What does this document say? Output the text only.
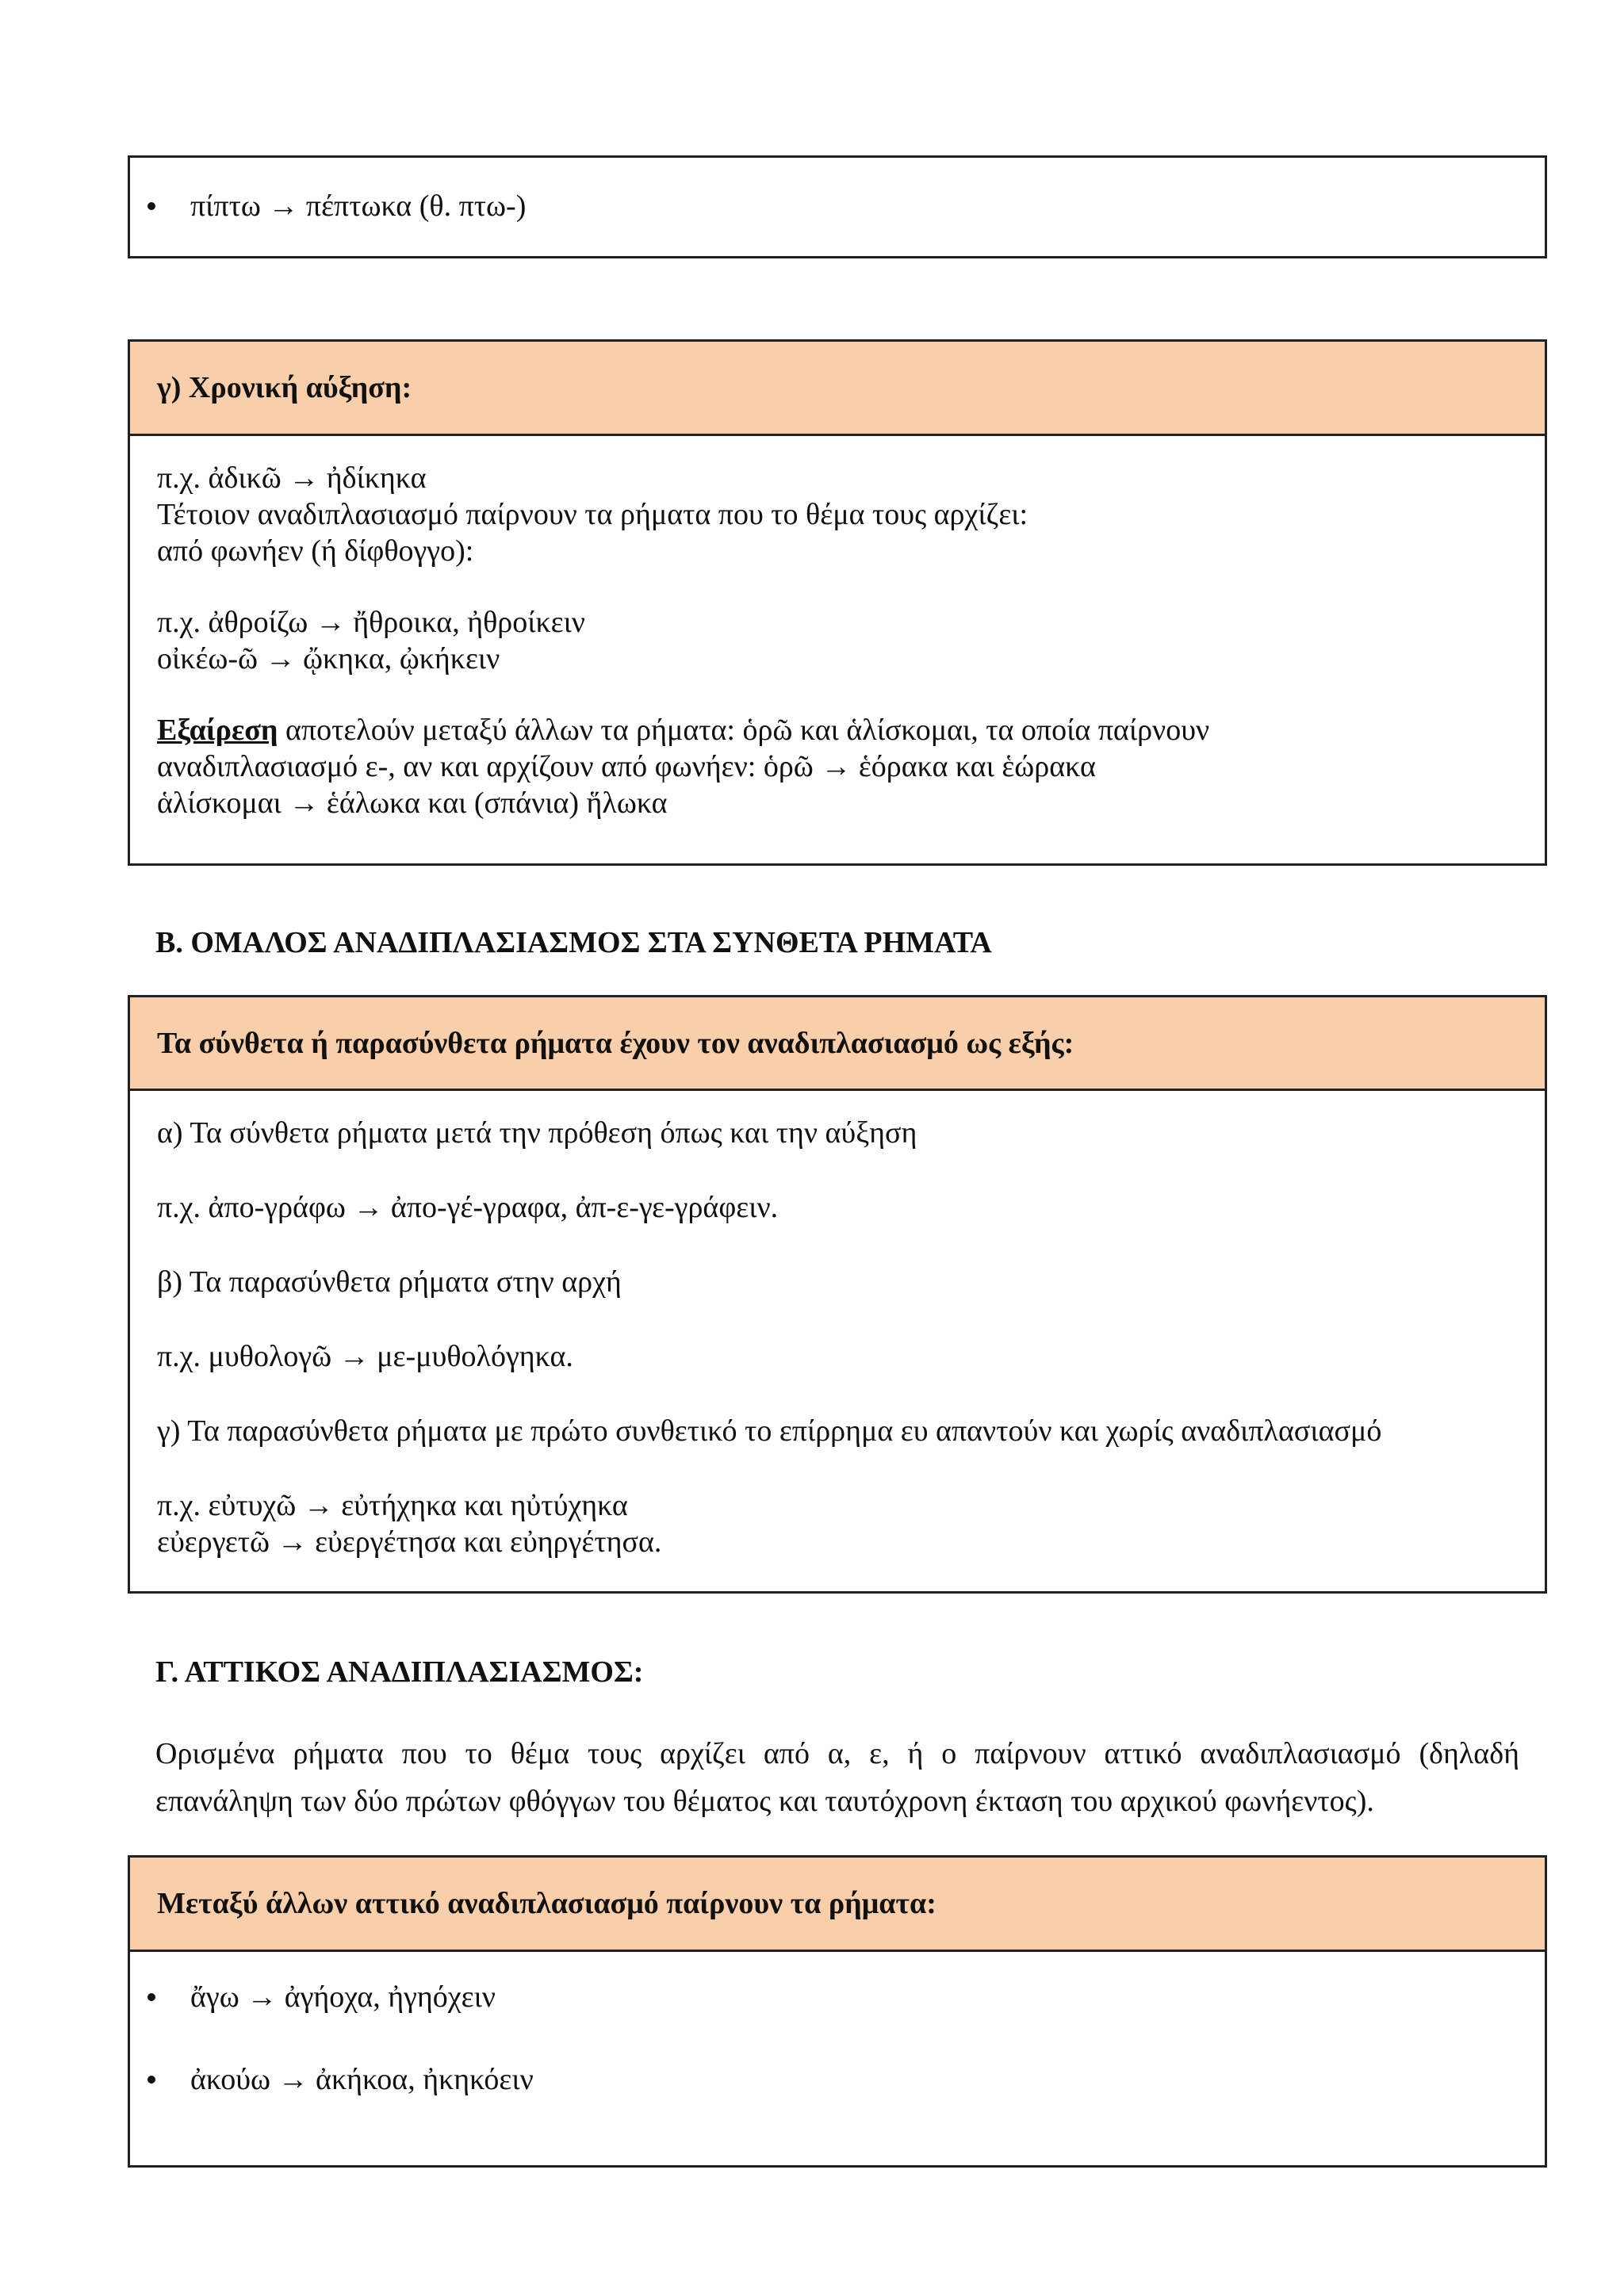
πίπτω → πέπτωκα (θ. πτω-)
γ) Χρονική αύξηση:
π.χ. ἀδικῶ → ἠδίκηκα
Τέτοιον αναδιπλασιασμό παίρνουν τα ρήματα που το θέμα τους αρχίζει:
από φωνήεν (ή δίφθογγο):
π.χ. ἀθροίζω → ἤθροικα, ἠθροίκειν
οἰκέω-ῶ → ᾤκηκα, ᾠκήκειν
Εξαίρεση αποτελούν μεταξύ άλλων τα ρήματα: ὁρῶ και ἁλίσκομαι, τα οποία παίρνουν
αναδιπλασιασμό ε-, αν και αρχίζουν από φωνήεν: ὁρῶ → ἑόρακα και ἑώρακα
ἁλίσκομαι → ἑάλωκα και (σπάνια) ἥλωκα
Β. ΟΜΑΛΟΣ ΑΝΑΔΙΠΛΑΣΙΑΣΜΟΣ ΣΤΑ ΣΥΝΘΕΤΑ ΡΗΜΑΤΑ
Τα σύνθετα ή παρασύνθετα ρήματα έχουν τον αναδιπλασιασμό ως εξής:
α) Τα σύνθετα ρήματα μετά την πρόθεση όπως και την αύξηση
π.χ. ἀπο-γράφω → ἀπο-γέ-γραφα, ἀπ-ε-γε-γράφειν.
β) Τα παρασύνθετα ρήματα στην αρχή
π.χ. μυθολογῶ → με-μυθολόγηκα.
γ) Τα παρασύνθετα ρήματα με πρώτο συνθετικό το επίρρημα ευ απαντούν και χωρίς αναδιπλασιασμό
π.χ. εὐτυχῶ → εὐτήχηκα και ηὐτύχηκα
εὐεργετῶ → εὐεργέτησα και εὐηργέτησα.
Γ. ΑΤΤΙΚΟΣ ΑΝΑΔΙΠΛΑΣΙΑΣΜΟΣ:
Ορισμένα ρήματα που το θέμα τους αρχίζει από α, ε, ή ο παίρνουν αττικό αναδιπλασιασμό (δηλαδή
επανάληψη των δύο πρώτων φθόγγων του θέματος και ταυτόχρονη έκταση του αρχικού φωνήεντος).
Μεταξύ άλλων αττικό αναδιπλασιασμό παίρνουν τα ρήματα:
ἄγω → ἀγήοχα, ἠγηόχειν
ἀκούω → ἀκήκοα, ἠκηκόειν
